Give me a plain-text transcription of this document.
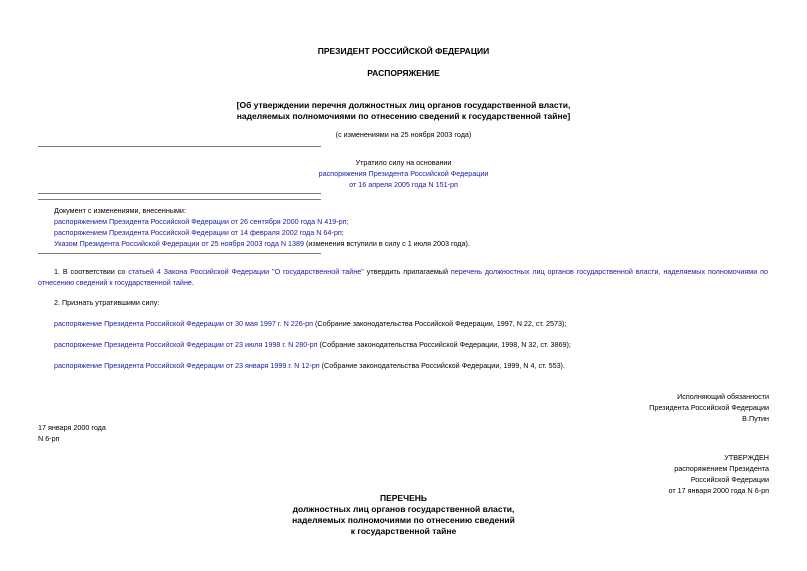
ПРЕЗИДЕНТ РОССИЙСКОЙ ФЕДЕРАЦИИ
РАСПОРЯЖЕНИЕ
[Об утверждении перечня должностных лиц органов государственной власти,
наделяемых полномочиями по отнесению сведений к государственной тайне]
(с изменениями на 25 ноября 2003 года)
Утратило силу на основании
распоряжения Президента Российской Федерации
от 16 апреля 2005 года N 151-рп
Документ с изменениями, внесенными:
распоряжением Президента Российской Федерации от 26 сентября 2000 года N 419-рп;
распоряжением Президента Российской Федерации от 14 февраля 2002 года N 64-рп;
Указом Президента Российской Федерации от 25 ноября 2003 года N 1389 (изменения вступили в силу с 1 июля 2003 года).
1. В соответствии со статьей 4 Закона Российской Федерации "О государственной тайне" утвердить прилагаемый перечень должностных лиц органов государственной власти, наделяемых полномочиями по
отнесению сведений к государственной тайне.
2. Признать утратившими силу:
распоряжение Президента Российской Федерации от 30 мая 1997 г. N 226-рп (Собрание законодательства Российской Федерации, 1997, N 22, ст. 2573);
распоряжение Президента Российской Федерации от 23 июля 1998 г. N 280-рп (Собрание законодательства Российской Федерации, 1998, N 32, ст. 3869);
распоряжение Президента Российской Федерации от 23 января 1999 г. N 12-рп (Собрание законодательства Российской Федерации, 1999, N 4, ст. 553).
Исполняющий обязанности
Президента Российской Федерации
В.Путин
17 января 2000 года
N 6-рп
УТВЕРЖДЕН
распоряжением Президента
Российской Федерации
от 17 января 2000 года N 6-рп
ПЕРЕЧЕНЬ
должностных лиц органов государственной власти,
наделяемых полномочиями по отнесению сведений
к государственной тайне
